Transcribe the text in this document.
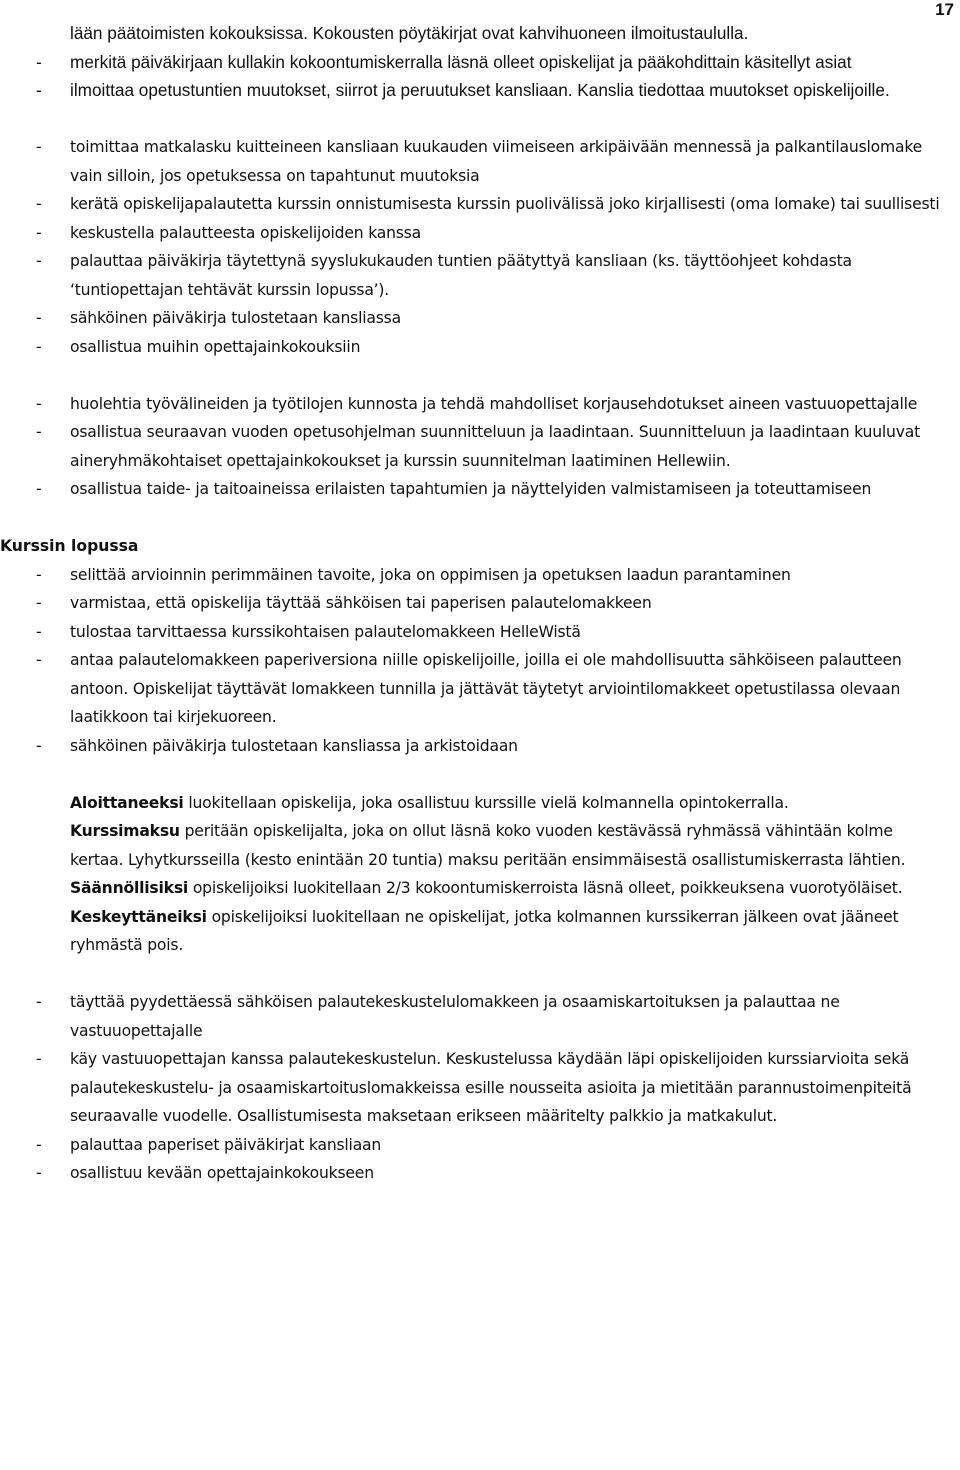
17
lään päätoimisten kokouksissa. Kokousten pöytäkirjat ovat kahvihuoneen ilmoitustaululla.
- merkitä päiväkirjaan kullakin kokoontumiskerralla läsnä olleet opiskelijat ja pääkohdittain käsitellyt asiat
- ilmoittaa opetustuntien muutokset, siirrot ja peruutukset kansliaan. Kanslia tiedottaa muutokset opiskelijoille.
- toimittaa matkalasku kuitteineen kansliaan kuukauden viimeiseen arkipäivään mennessä ja palkantilauslomake vain silloin, jos opetuksessa on tapahtunut muutoksia
- kerätä opiskelijapalautetta kurssin onnistumisesta kurssin puolivälissä joko kirjallisesti (oma lomake) tai suullisesti
- keskustella palautteesta opiskelijoiden kanssa
- palauttaa päiväkirja täytettynä syyslukukauden tuntien päätyttyä kansliaan (ks. täyttöohjeet kohdasta ‘tuntiopettajan tehtävät kurssin lopussa’).
- sähköinen päiväkirja tulostetaan kansliassa
- osallistua muihin opettajainkokouksiin
- huolehtia työvälineiden ja työtilojen kunnosta ja tehdä mahdolliset korjausehdotukset aineen vastuuopettajalle
- osallistua seuraavan vuoden opetusohjelman suunnitteluun ja laadintaan. Suunnitteluun ja laadintaan kuuluvat aineryhmäkohtaiset opettajainkokoukset ja kurssin suunnitelman laatiminen Hellewiin.
- osallistua taide- ja taitoaineissa erilaisten tapahtumien ja näyttelyiden valmistamiseen ja toteuttamiseen
Kurssin lopussa
- selittää arvioinnin perimmäinen tavoite, joka on oppimisen ja opetuksen laadun parantaminen
- varmistaa, että opiskelija täyttää sähköisen tai paperisen palautelomakkeen
- tulostaa tarvittaessa kurssikohtaisen palautelomakkeen HelleWistä
- antaa palautelomakkeen paperiversiona niille opiskelijoille, joilla ei ole mahdollisuutta sähköiseen palautteen antoon. Opiskelijat täyttävät lomakkeen tunnilla ja jättävät täytetyt arviointilomakkeet opetustilassa olevaan laatikkoon tai kirjekuoreen.
- sähköinen päiväkirja tulostetaan kansliassa ja arkistoidaan
Aloittaneeksi luokitellaan opiskelija, joka osallistuu kurssille vielä kolmannella opintokerralla.
Kurssimaksu peritään opiskelijalta, joka on ollut läsnä koko vuoden kestävässä ryhmässä vähintään kolme kertaa. Lyhytkursseilla (kesto enintään 20 tuntia) maksu peritään ensimmäisestä osallistumiskerrasta lähtien.
Säännöllisiksi opiskelijoiksi luokitellaan 2/3 kokoontumiskerroista läsnä olleet, poikkeuksena vuorotyöläiset.
Keskeyttäneiksi opiskelijoiksi luokitellaan ne opiskelijat, jotka kolmannen kurssikerran jälkeen ovat jääneet ryhmästä pois.
- täyttää pyydettäessä sähköisen palautekeskustelulomakkeen ja osaamiskartoituksen ja palauttaa ne vastuuopettajalle
- käy vastuuopettajan kanssa palautekeskustelun. Keskustelussa käydään läpi opiskelijoiden kurssiarvioita sekä palautekeskustelu- ja osaamiskartoituslomakkeissa esille nousseita asioita ja mietitään parannustoimenpiteitä seuraavalle vuodelle. Osallistumisesta maksetaan erikseen määritelty palkkio ja matkakulut.
- palauttaa paperiset päiväkirjat kansliaan
- osallistuu kevään opettajainkokoukseen
